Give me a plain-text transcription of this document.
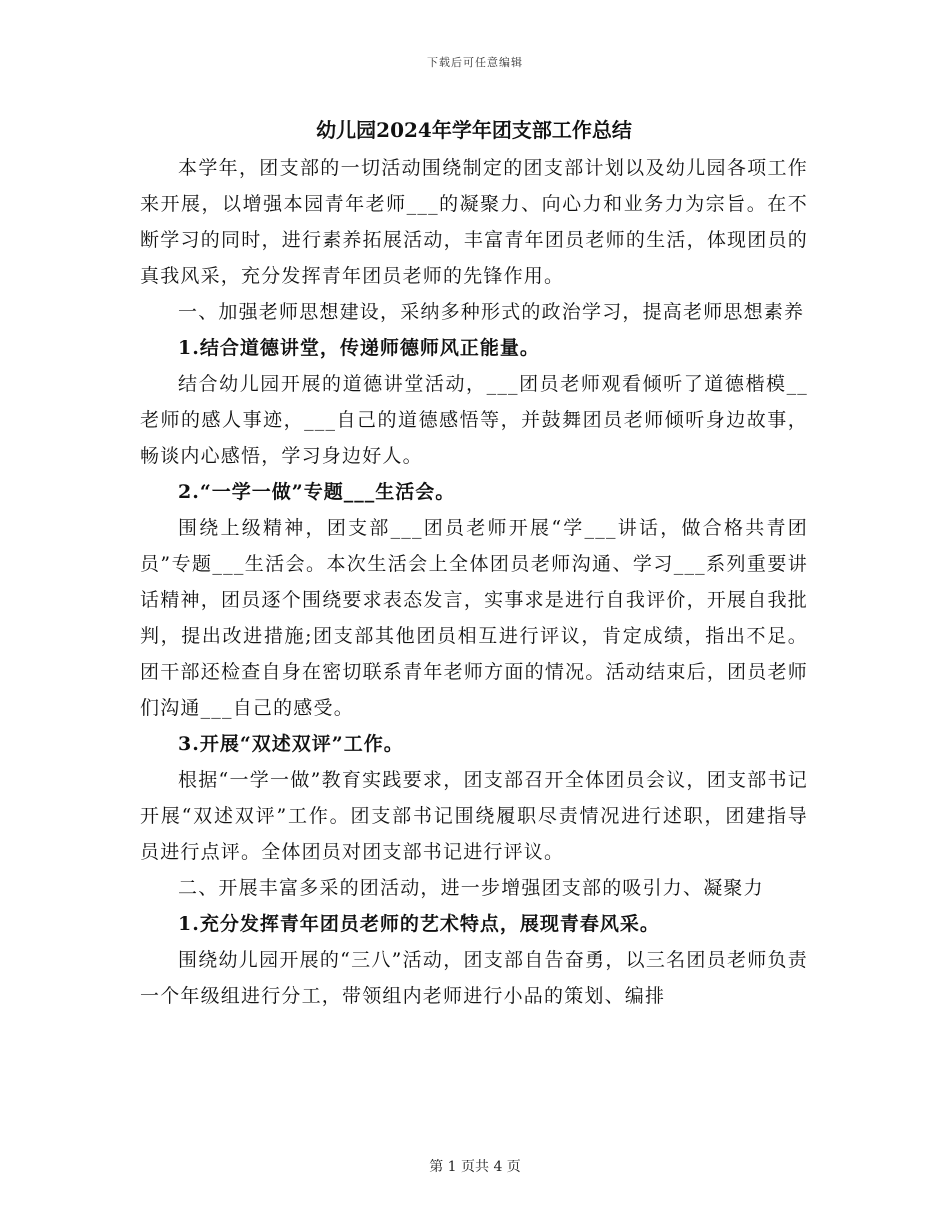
下载后可任意编辑
幼儿园2024年学年团支部工作总结

本学年，团支部的一切活动围绕制定的团支部计划以及幼儿园各项工作来开展，以增强本园青年老师___的凝聚力、向心力和业务力为宗旨。在不断学习的同时，进行素养拓展活动，丰富青年团员老师的生活，体现团员的真我风采，充分发挥青年团员老师的先锋作用。

一、加强老师思想建设，采纳多种形式的政治学习，提高老师思想素养

1.结合道德讲堂，传递师德师风正能量。

结合幼儿园开展的道德讲堂活动，___团员老师观看倾听了道德楷模__老师的感人事迹，___自己的道德感悟等，并鼓舞团员老师倾听身边故事，畅谈内心感悟，学习身边好人。

2.“一学一做”专题___生活会。

围绕上级精神，团支部___团员老师开展“学___讲话，做合格共青团员”专题___生活会。本次生活会上全体团员老师沟通、学习___系列重要讲话精神，团员逐个围绕要求表态发言，实事求是进行自我评价，开展自我批判，提出改进措施;团支部其他团员相互进行评议，肯定成绩，指出不足。团干部还检查自身在密切联系青年老师方面的情况。活动结束后，团员老师们沟通___自己的感受。

3.开展“双述双评”工作。

根据“一学一做”教育实践要求，团支部召开全体团员会议，团支部书记开展“双述双评”工作。团支部书记围绕履职尽责情况进行述职，团建指导员进行点评。全体团员对团支部书记进行评议。

二、开展丰富多采的团活动，进一步增强团支部的吸引力、凝聚力

1.充分发挥青年团员老师的艺术特点，展现青春风采。

围绕幼儿园开展的“三八”活动，团支部自告奋勇，以三名团员老师负责一个年级组进行分工，带领组内老师进行小品的策划、编排

第 1 页共 4 页
